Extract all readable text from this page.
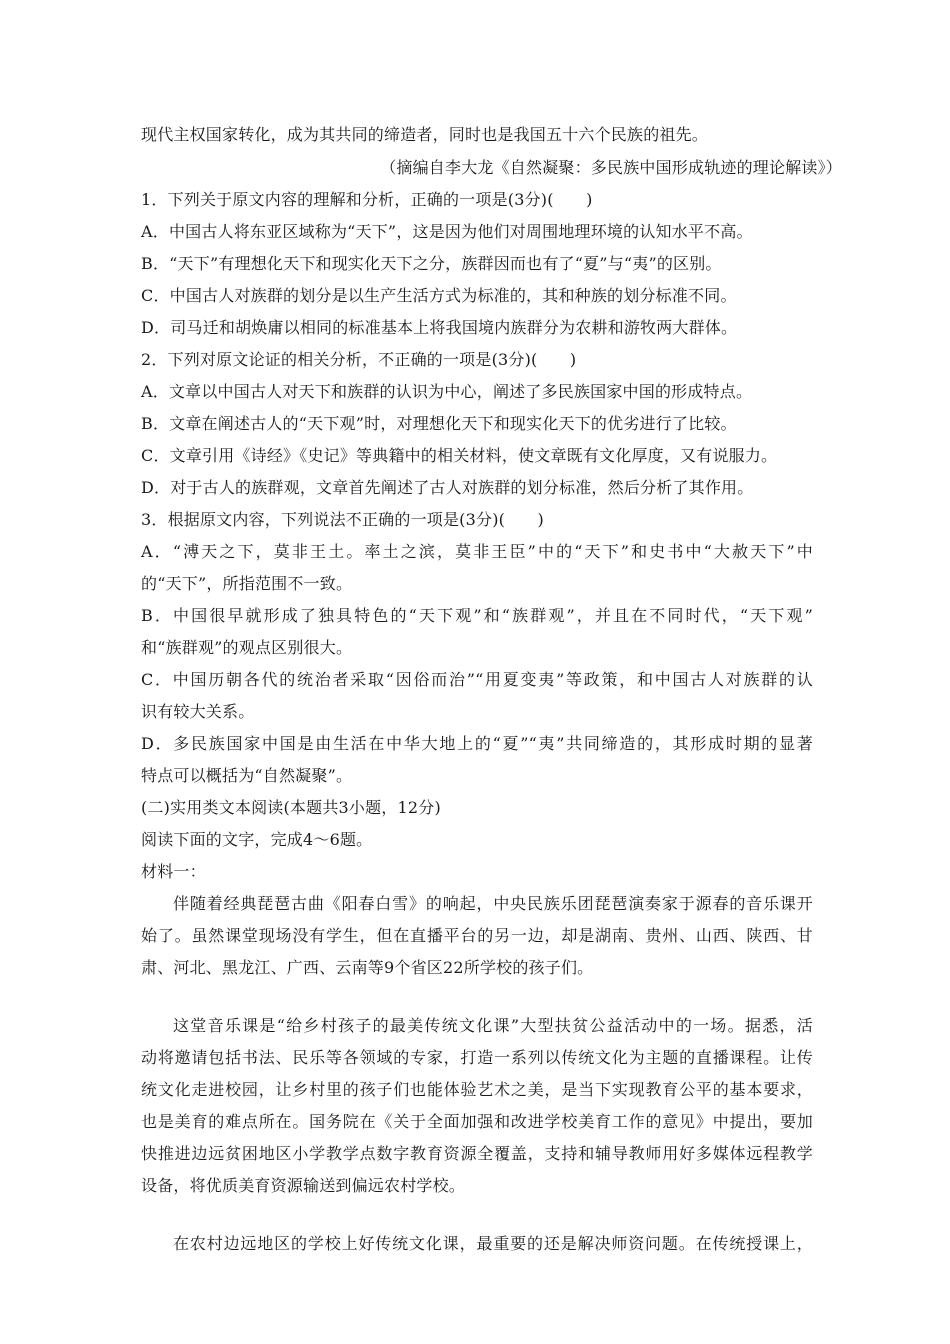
现代主权国家转化，成为其共同的缔造者，同时也是我国五十六个民族的祖先。
（摘编自李大龙《自然凝聚：多民族中国形成轨迹的理论解读》）
1．下列关于原文内容的理解和分析，正确的一项是(3分)(　　)
A．中国古人将东亚区域称为“天下”，这是因为他们对周围地理环境的认知水平不高。
B．“天下”有理想化天下和现实化天下之分，族群因而也有了“夏”与“夷”的区别。
C．中国古人对族群的划分是以生产生活方式为标准的，其和种族的划分标准不同。
D．司马迁和胡焕庸以相同的标准基本上将我国境内族群分为农耕和游牧两大群体。
2．下列对原文论证的相关分析，不正确的一项是(3分)(　　)
A．文章以中国古人对天下和族群的认识为中心，阐述了多民族国家中国的形成特点。
B．文章在阐述古人的“天下观”时，对理想化天下和现实化天下的优劣进行了比较。
C．文章引用《诗经》《史记》等典籍中的相关材料，使文章既有文化厚度，又有说服力。
D．对于古人的族群观，文章首先阐述了古人对族群的划分标准，然后分析了其作用。
3．根据原文内容，下列说法不正确的一项是(3分)(　　)
A．“溥天之下，莫非王土。率土之滨，莫非王臣”中的“天下”和史书中“大赦天下”中
的“天下”，所指范围不一致。
B．中国很早就形成了独具特色的“天下观”和“族群观”，并且在不同时代，“天下观”
和“族群观”的观点区别很大。
C．中国历朝各代的统治者采取“因俗而治”“用夏变夷”等政策，和中国古人对族群的认
识有较大关系。
D．多民族国家中国是由生活在中华大地上的“夏”“夷”共同缔造的，其形成时期的显著
特点可以概括为“自然凝聚”。
(二)实用类文本阅读(本题共3小题，12分)
阅读下面的文字，完成4～6题。
材料一：
伴随着经典琵琶古曲《阳春白雪》的响起，中央民族乐团琵琶演奏家于源春的音乐课开
始了。虽然课堂现场没有学生，但在直播平台的另一边，却是湖南、贵州、山西、陕西、甘
肃、河北、黑龙江、广西、云南等9个省区22所学校的孩子们。
这堂音乐课是“给乡村孩子的最美传统文化课”大型扶贫公益活动中的一场。据悉，活
动将邀请包括书法、民乐等各领域的专家，打造一系列以传统文化为主题的直播课程。让传
统文化走进校园，让乡村里的孩子们也能体验艺术之美，是当下实现教育公平的基本要求，
也是美育的难点所在。国务院在《关于全面加强和改进学校美育工作的意见》中提出，要加
快推进边远贫困地区小学教学点数字教育资源全覆盖，支持和辅导教师用好多媒体远程教学
设备，将优质美育资源输送到偏远农村学校。
在农村边远地区的学校上好传统文化课，最重要的还是解决师资问题。在传统授课上，
